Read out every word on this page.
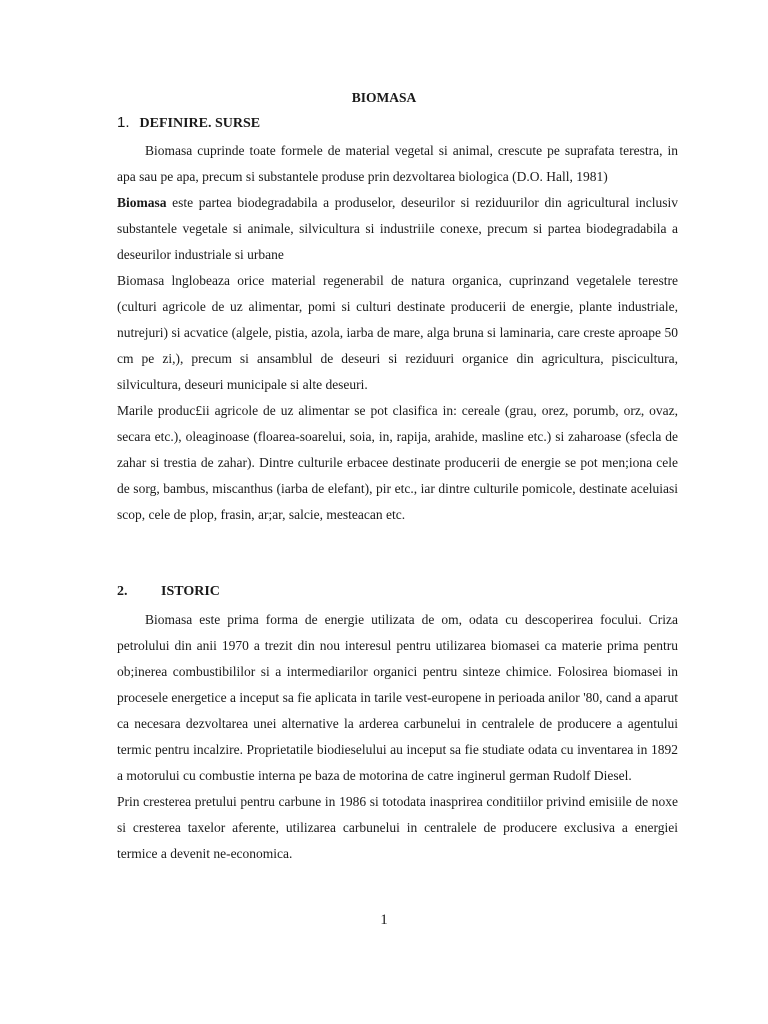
BIOMASA
1. DEFINIRE. SURSE

Biomasa cuprinde toate formele de material vegetal si animal, crescute pe suprafata terestra, in apa sau pe apa, precum si substantele produse prin dezvoltarea biologica (D.O. Hall, 1981)

Biomasa este partea biodegradabila a produselor, deseurilor si reziduurilor din agricultural inclusiv substantele vegetale si animale, silvicultura si industriile conexe, precum si partea biodegradabila a deseurilor industriale si urbane

Biomasa lnglobeaza orice material regenerabil de natura organica, cuprinzand vegetalele terestre (culturi agricole de uz alimentar, pomi si culturi destinate producerii de energie, plante industriale, nutrejuri) si acvatice (algele, pistia, azola, iarba de mare, alga bruna si laminaria, care creste aproape 50 cm pe zi,), precum si ansamblul de deseuri si reziduuri organice din agricultura, piscicultura, silvicultura, deseuri municipale si alte deseuri.

Marile produc£ii agricole de uz alimentar se pot clasifica in: cereale (grau, orez, porumb, orz, ovaz, secara etc.), oleaginoase (floarea-soarelui, soia, in, rapija, arahide, masline etc.) si zaharoase (sfecla de zahar si trestia de zahar). Dintre culturile erbacee destinate producerii de energie se pot men;iona cele de sorg, bambus, miscanthus (iarba de elefant), pir etc., iar dintre culturile pomicole, destinate aceluiasi scop, cele de plop, frasin, ar;ar, salcie, mesteacan etc.

2. ISTORIC

Biomasa este prima forma de energie utilizata de om, odata cu descoperirea focului. Criza petrolului din anii 1970 a trezit din nou interesul pentru utilizarea biomasei ca materie prima pentru ob;inerea combustibililor si a intermediarilor organici pentru sinteze chimice. Folosirea biomasei in procesele energetice a inceput sa fie aplicata in tarile vest-europene in perioada anilor '80, cand a aparut ca necesara dezvoltarea unei alternative la arderea carbunelui in centralele de producere a agentului termic pentru incalzire. Proprietatile biodieselului au inceput sa fie studiate odata cu inventarea in 1892 a motorului cu combustie interna pe baza de motorina de catre inginerul german Rudolf Diesel.

Prin cresterea pretului pentru carbune in 1986 si totodata inasprirea conditiilor privind emisiile de noxe si cresterea taxelor aferente, utilizarea carbunelui in centralele de producere exclusiva a energiei termice a devenit ne-economica.

1
